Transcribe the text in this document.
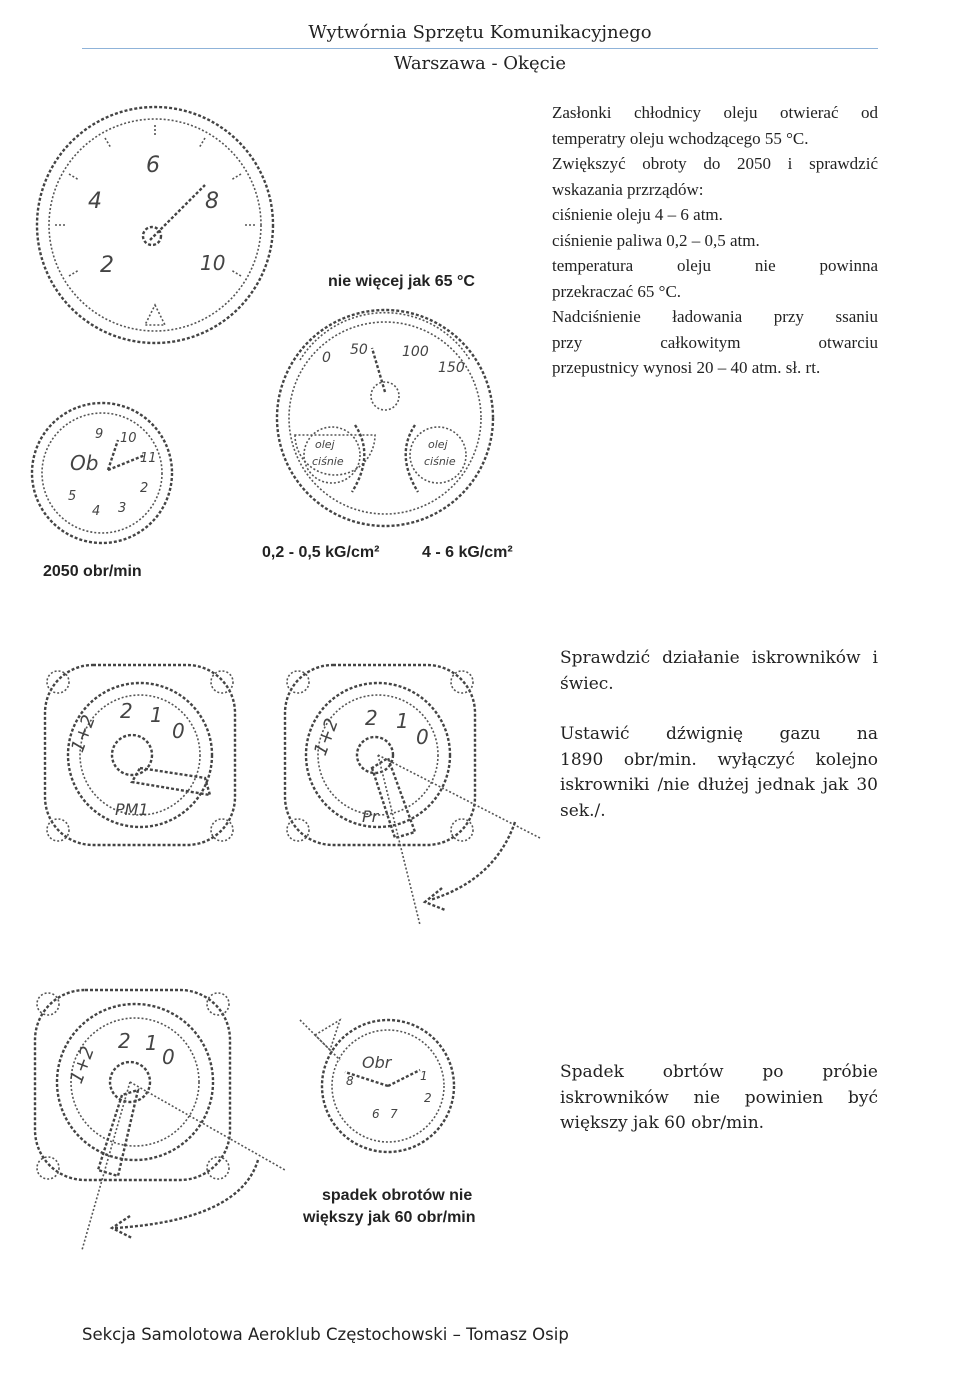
Wytwórnia Sprzętu Komunikacyjnego
Warszawa - Okęcie
4
6
8
2	10
Ob
9 10
11
2
3
4
5
0 50 100
150
olej
ciśnie
olej
ciśnie
1+2
2 1
0
PM1
1+2 2 1
0
Pr
1+2
2 1
0	Obr
8	1
2
6 7
nie więcej jak 65 °C
0,2 - 0,5 kG/cm²	4 - 6 kG/cm²
2050 obr/min
spadek obrotów nie
większy jak 60 obr/min
Zasłonki chłodnicy oleju otwierać od
temperatry oleju wchodzącego 55 °C.
Zwiększyć obroty do 2050 i sprawdzić
wskazania przrządów:
ciśnienie oleju 4 – 6 atm.
ciśnienie paliwa 0,2 – 0,5 atm.
temperatura oleju nie powinna
przekraczać 65 °C.
Nadciśnienie ładowania przy ssaniu
przy całkowitym otwarciu
przepustnicy wynosi 20 – 40 atm. sł. rt.
Sprawdzić działanie iskrowników i
świec.
Ustawić dźwignię gazu na
1890 obr/min. wyłączyć kolejno
iskrowniki /nie dłużej jednak jak 30
sek./.
Spadek obrtów po próbie
iskrowników nie powinien być
większy jak 60 obr/min.
Sekcja Samolotowa Aeroklub Częstochowski – Tomasz Osip
